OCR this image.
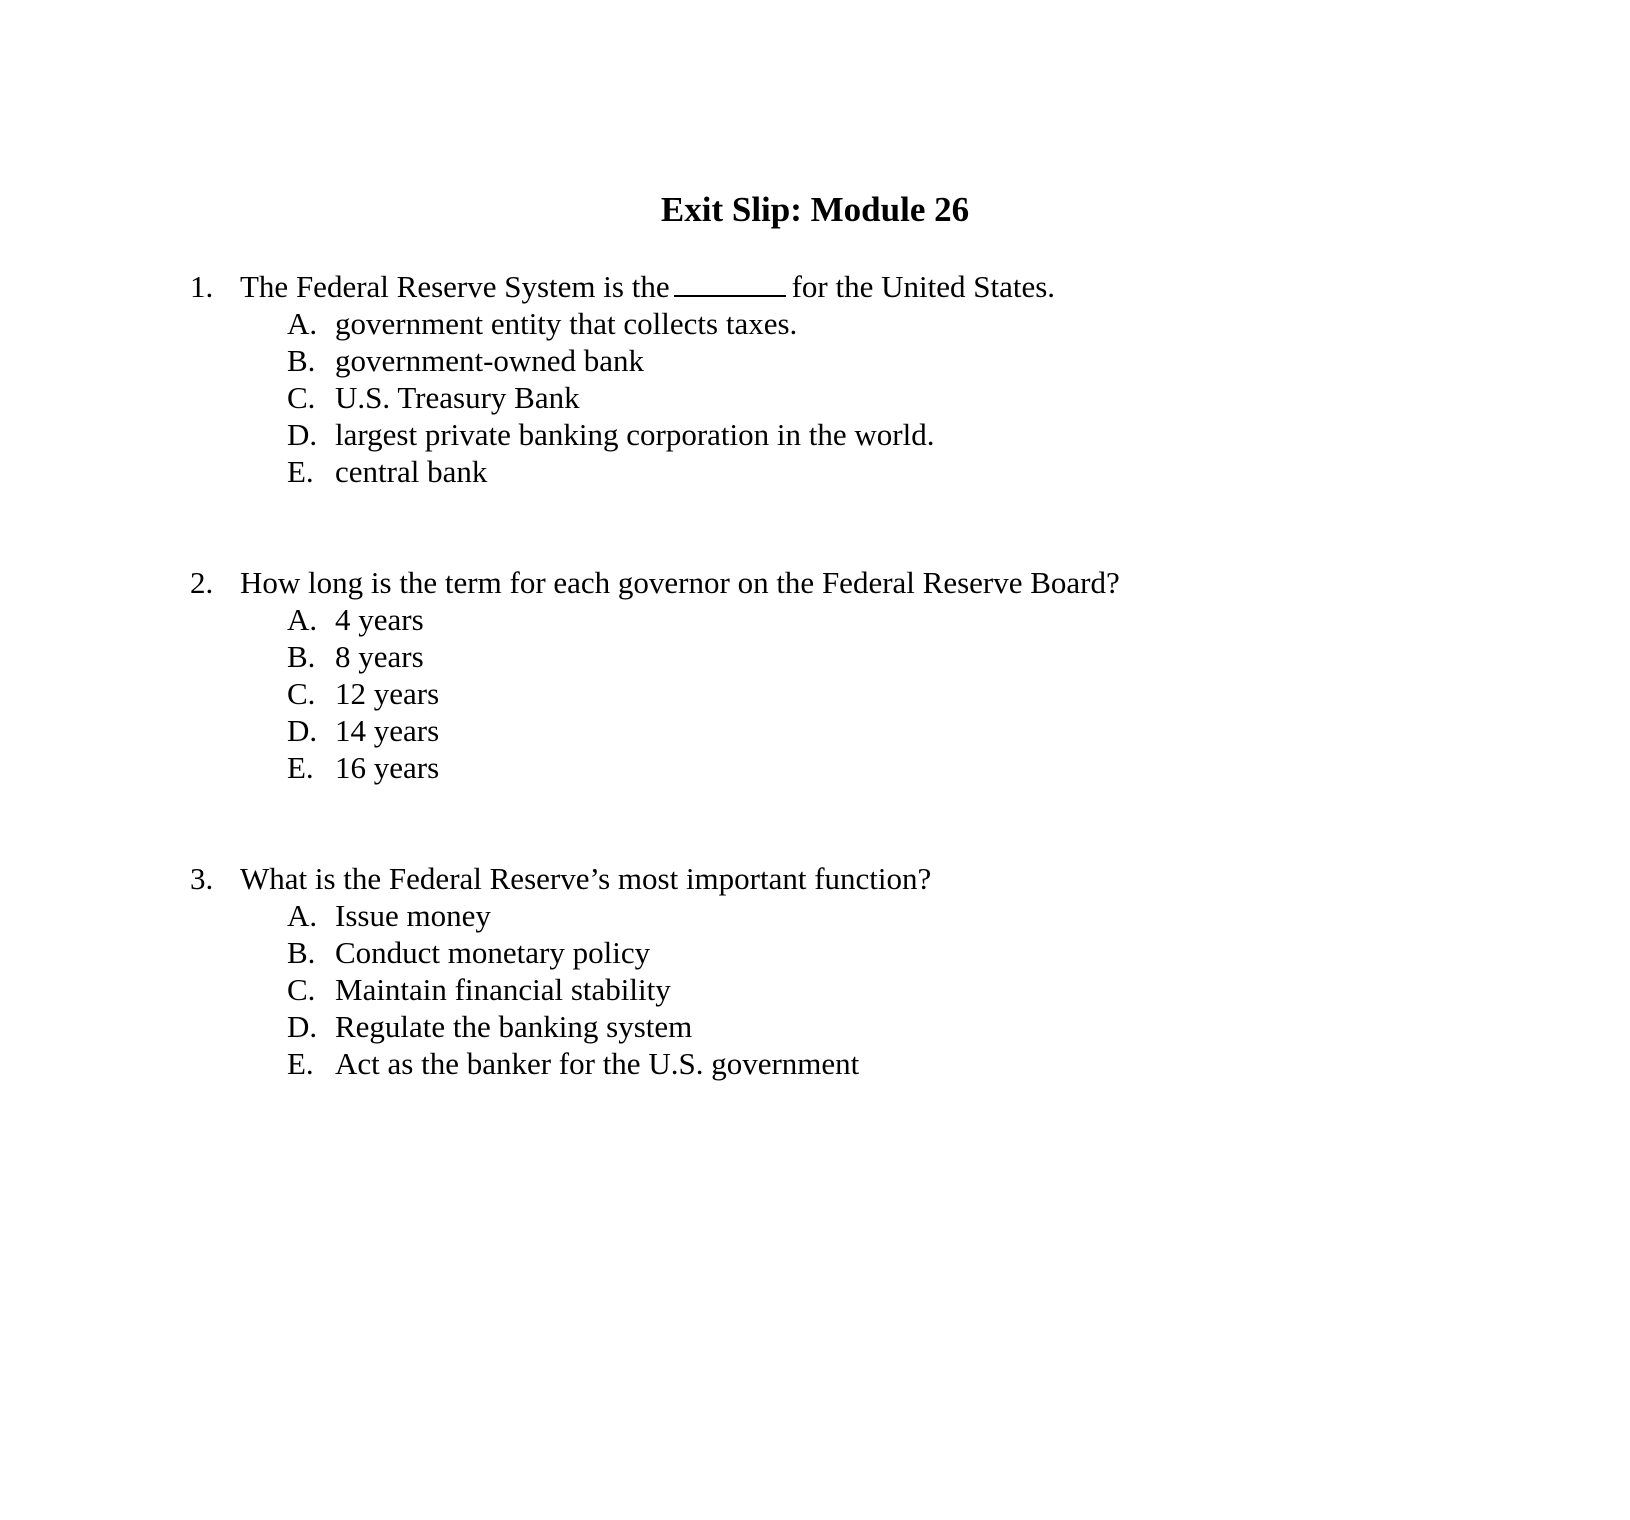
Exit Slip: Module 26
1. The Federal Reserve System is the	for the United States.
A. government entity that collects taxes.
B. government-owned bank
C. U.S. Treasury Bank
D. largest private banking corporation in the world.
E. central bank
2. How long is the term for each governor on the Federal Reserve Board?
A. 4 years
B. 8 years
C. 12 years
D. 14 years
E. 16 years
3. What is the Federal Reserve’s most important function?
A. Issue money
B. Conduct monetary policy
C. Maintain financial stability
D. Regulate the banking system
E. Act as the banker for the U.S. government
